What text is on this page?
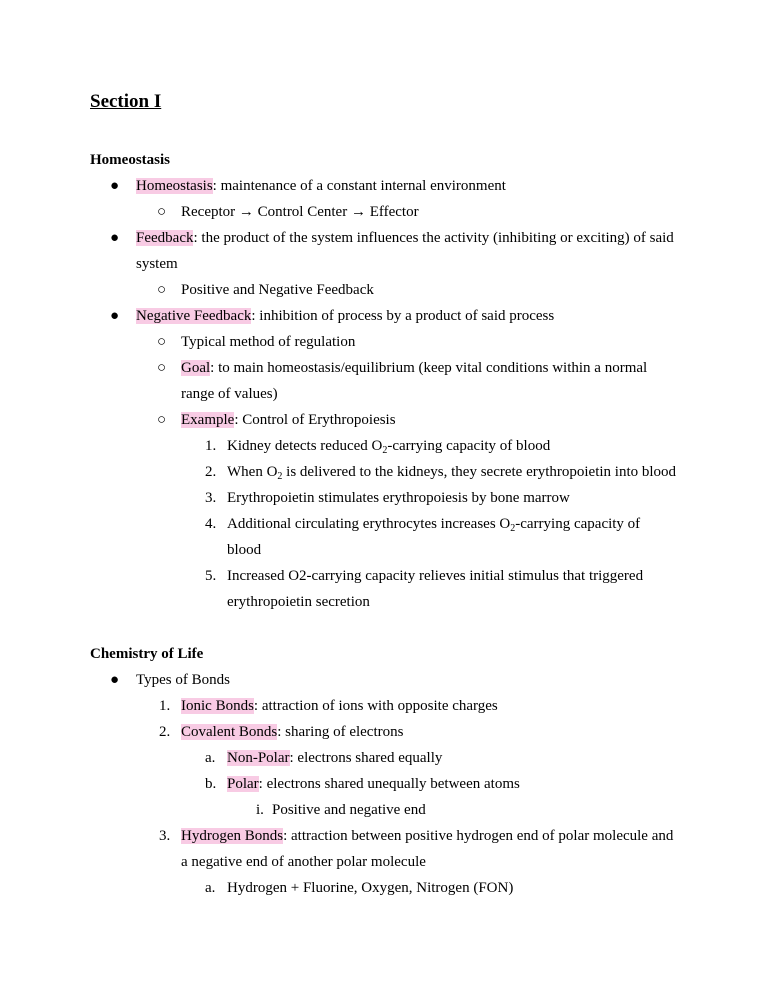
Section I
Homeostasis
● Homeostasis: maintenance of a constant internal environment
○ Receptor → Control Center → Effector
● Feedback: the product of the system influences the activity (inhibiting or exciting) of said
system
○ Positive and Negative Feedback
● Negative Feedback: inhibition of process by a product of said process
○ Typical method of regulation
○ Goal: to main homeostasis/equilibrium (keep vital conditions within a normal
range of values)
○ Example: Control of Erythropoiesis
1. Kidney detects reduced $O_2$-carrying capacity of blood
2. When $O_2$ is delivered to the kidneys, they secrete erythropoietin into blood
3. Erythropoietin stimulates erythropoiesis by bone marrow
4. Additional circulating erythrocytes increases $O_2$-carrying capacity of
blood
5. Increased O2-carrying capacity relieves initial stimulus that triggered
erythropoietin secretion
Chemistry of Life
● Types of Bonds
1. Ionic Bonds: attraction of ions with opposite charges
2. Covalent Bonds: sharing of electrons
a. Non-Polar: electrons shared equally
b. Polar: electrons shared unequally between atoms
i. Positive and negative end
3. Hydrogen Bonds: attraction between positive hydrogen end of polar molecule and
a negative end of another polar molecule
a. Hydrogen + Fluorine, Oxygen, Nitrogen (FON)
